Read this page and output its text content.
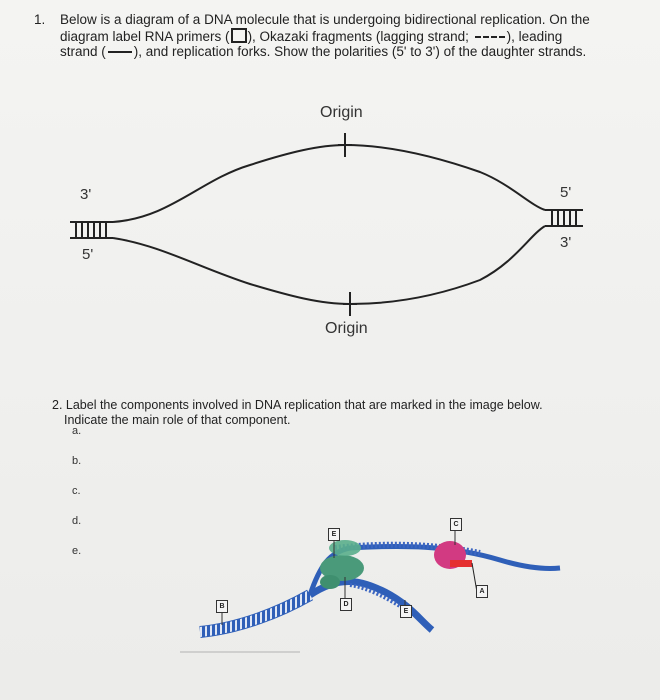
1. Below is a diagram of a DNA molecule that is undergoing bidirectional replication. On the
diagram label RNA primers ( ), Okazaki fragments (lagging strand;	), leading
strand ( ), and replication forks. Show the polarities (5' to 3') of the daughter strands.
Origin
Origin
3'
5'
5'
3'
2. Label the components involved in DNA replication that are marked in the image below.
Indicate the main role of that component.
a.
b.
c.
d.
e.
B
E
D
E
C
A
